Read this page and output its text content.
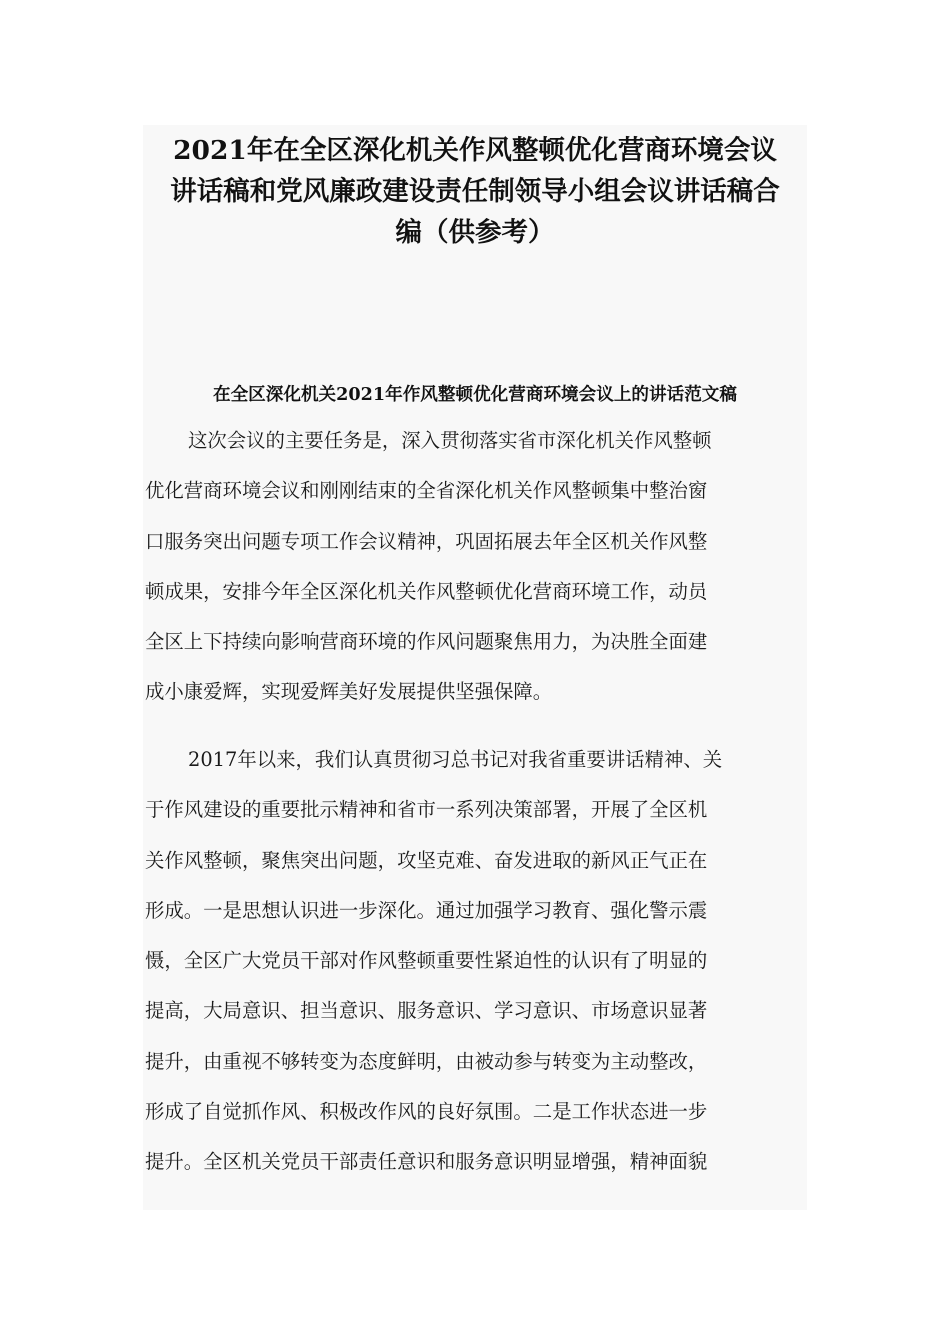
2021年在全区深化机关作风整顿优化营商环境会议
讲话稿和党风廉政建设责任制领导小组会议讲话稿合
编（供参考）
在全区深化机关2021年作风整顿优化营商环境会议上的讲话范文稿
这次会议的主要任务是，深入贯彻落实省市深化机关作风整顿
优化营商环境会议和刚刚结束的全省深化机关作风整顿集中整治窗
口服务突出问题专项工作会议精神，巩固拓展去年全区机关作风整
顿成果，安排今年全区深化机关作风整顿优化营商环境工作，动员
全区上下持续向影响营商环境的作风问题聚焦用力，为决胜全面建
成小康爱辉，实现爱辉美好发展提供坚强保障。
2017年以来，我们认真贯彻习总书记对我省重要讲话精神、关
于作风建设的重要批示精神和省市一系列决策部署，开展了全区机
关作风整顿，聚焦突出问题，攻坚克难、奋发进取的新风正气正在
形成。一是思想认识进一步深化。通过加强学习教育、强化警示震
慑，全区广大党员干部对作风整顿重要性紧迫性的认识有了明显的
提高，大局意识、担当意识、服务意识、学习意识、市场意识显著
提升，由重视不够转变为态度鲜明，由被动参与转变为主动整改，
形成了自觉抓作风、积极改作风的良好氛围。二是工作状态进一步
提升。全区机关党员干部责任意识和服务意识明显增强，精神面貌
